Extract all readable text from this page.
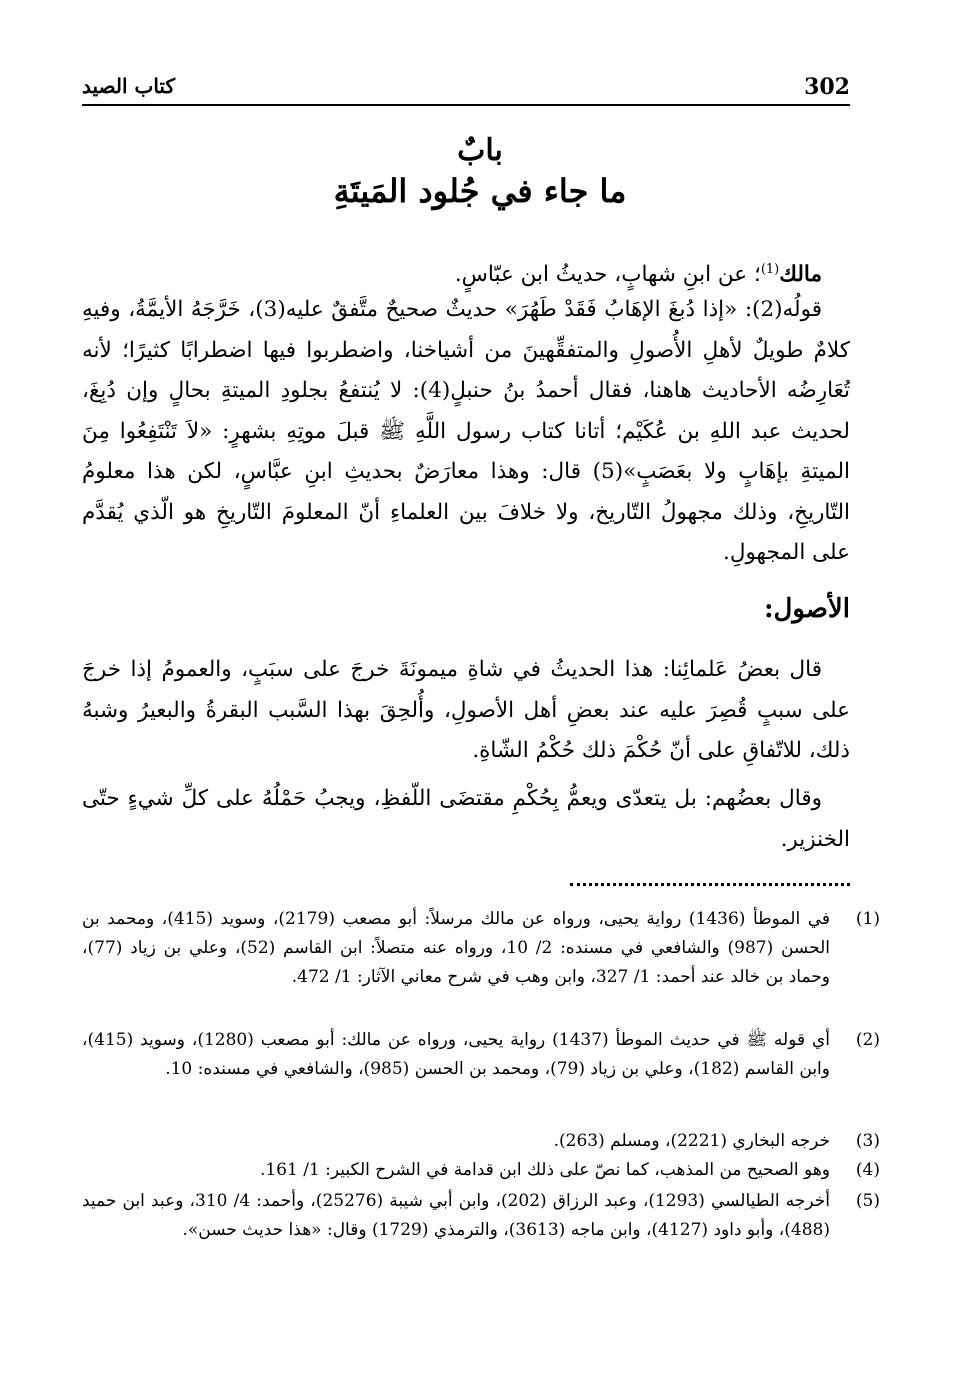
302
كتاب الصيد
بابٌ
ما جاء في جُلود المَيتَةِ

مالك$^{(1)}$؛ عن ابنِ شهابٍ، حديثُ ابن عبّاسٍ.

قولُه(2): «إذا دُبغَ الإهَابُ فَقَدْ طَهُرَ» حديثٌ صحيحٌ متَّفقٌ عليه(3)، خَرَّجَهُ الأيمَّةُ، وفيهِ كلامٌ طويلٌ لأهلِ الأُصولِ والمتفقِّهينَ من أشياخنا، واضطربوا فيها اضطرابًا كثيرًا؛ لأنه تُعَارِضُه الأحاديث هاهنا، فقال أحمدُ بنُ حنبلٍ(4): لا يُنتفعُ بجلودِ الميتةِ بحالٍ وإن دُبِغَ، لحديث عبد اللهِ بن عُكَيْم؛ أتانا كتاب رسول اللَّهِ ﷺ قبلَ موتِهِ بشهرٍ: «لاَ تَنْتَفِعُوا مِنَ الميتةِ بإهَابٍ ولا بعَصَبٍ»(5) قال: وهذا معارَضٌ بحديثِ ابنِ عبَّاسٍ، لكن هذا معلومُ التّاريخِ، وذلك مجهولُ التّاريخ، ولا خلافَ بين العلماءِ أنّ المعلومَ التّاريخِ هو الّذي يُقدَّم على المجهولِ.

الأصول:

قال بعضُ عَلمائِنا: هذا الحديثُ في شاةِ ميمونَةَ خرجَ على سبَبٍ، والعمومُ إذا خرجَ على سببٍ قُصِرَ عليه عند بعضِ أهل الأصولِ، وأُلحِقَ بهذا السَّبب البقرةُ والبعيرُ وشبهُ ذلك، للاتّفاقِ على أنّ حُكْمَ ذلك حُكْمُ الشّاةِ.

وقال بعضُهم: بل يتعدّى ويعمُّ بِحُكْمِ مقتضَى اللّفظِ، ويجبُ حَمْلُهُ على كلِّ شيءٍ حتّى الخنزير.

(1)
في الموطأ (1436) رواية يحيى، ورواه عن مالك مرسلاً: أبو مصعب (2179)، وسويد (415)، ومحمد بن الحسن (987) والشافعي في مسنده: 2/ 10، ورواه عنه متصلاً: ابن القاسم (52)، وعلي بن زياد (77)، وحماد بن خالد عند أحمد: 1/ 327، وابن وهب في شرح معاني الآثار: 1/ 472.
(2)
أي قوله ﷺ في حديث الموطأ (1437) رواية يحيى، ورواه عن مالك: أبو مصعب (1280)، وسويد (415)، وابن القاسم (182)، وعلي بن زياد (79)، ومحمد بن الحسن (985)، والشافعي في مسنده: 10.
(3)
خرجه البخاري (2221)، ومسلم (263).
(4)
وهو الصحيح من المذهب، كما نصّ على ذلك ابن قدامة في الشرح الكبير: 1/ 161.
(5)
أخرجه الطيالسي (1293)، وعبد الرزاق (202)، وابن أبي شيبة (25276)، وأحمد: 4/ 310، وعبد ابن حميد (488)، وأبو داود (4127)، وابن ماجه (3613)، والترمذي (1729) وقال: «هذا حديث حسن».
